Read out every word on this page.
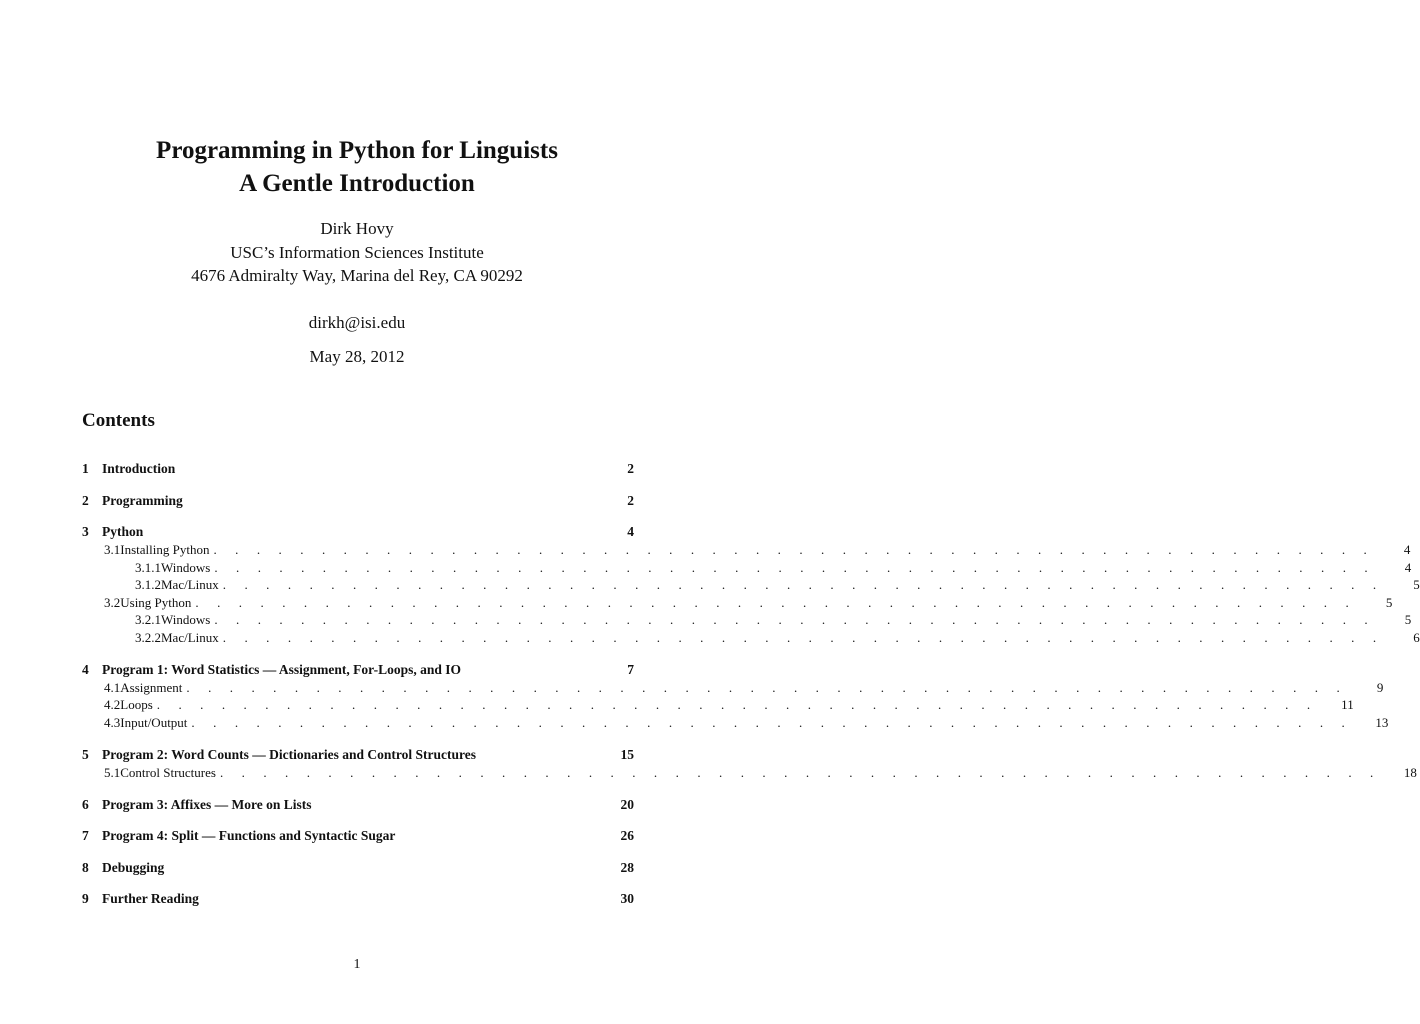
Programming in Python for Linguists
A Gentle Introduction
Dirk Hovy
USC’s Information Sciences Institute
4676 Admiralty Way, Marina del Rey, CA 90292
dirkh@isi.edu
May 28, 2012
Contents
1 Introduction	2
2 Programming	2
3 Python	4
3.1 Installing Python . . . . . . . . . . . . . . . . . . . . . . . . . . . . . . . . . . . . . . . . . . . . . . . . . . . . . .	4
3.1.1 Windows . . . . . . . . . . . . . . . . . . . . . . . . . . . . . . . . . . . . . . . . . . . . . . . . . . . . . .	4
3.1.2 Mac/Linux . . . . . . . . . . . . . . . . . . . . . . . . . . . . . . . . . . . . . . . . . . . . . . . . . . . . . .	5
3.2 Using Python . . . . . . . . . . . . . . . . . . . . . . . . . . . . . . . . . . . . . . . . . . . . . . . . . . . . . .	5
3.2.1 Windows . . . . . . . . . . . . . . . . . . . . . . . . . . . . . . . . . . . . . . . . . . . . . . . . . . . . . .	5
3.2.2 Mac/Linux . . . . . . . . . . . . . . . . . . . . . . . . . . . . . . . . . . . . . . . . . . . . . . . . . . . . . .	6
4 Program 1: Word Statistics — Assignment, For-Loops, and IO	7
4.1 Assignment . . . . . . . . . . . . . . . . . . . . . . . . . . . . . . . . . . . . . . . . . . . . . . . . . . . . . .	9
4.2 Loops . . . . . . . . . . . . . . . . . . . . . . . . . . . . . . . . . . . . . . . . . . . . . . . . . . . . . .	11
4.3 Input/Output . . . . . . . . . . . . . . . . . . . . . . . . . . . . . . . . . . . . . . . . . . . . . . . . . . . . . .	13
5 Program 2: Word Counts — Dictionaries and Control Structures	15
5.1 Control Structures . . . . . . . . . . . . . . . . . . . . . . . . . . . . . . . . . . . . . . . . . . . . . . . . . . . . . .	18
6 Program 3: Affixes — More on Lists	20
7 Program 4: Split — Functions and Syntactic Sugar	26
8 Debugging	28
9 Further Reading	30
1
